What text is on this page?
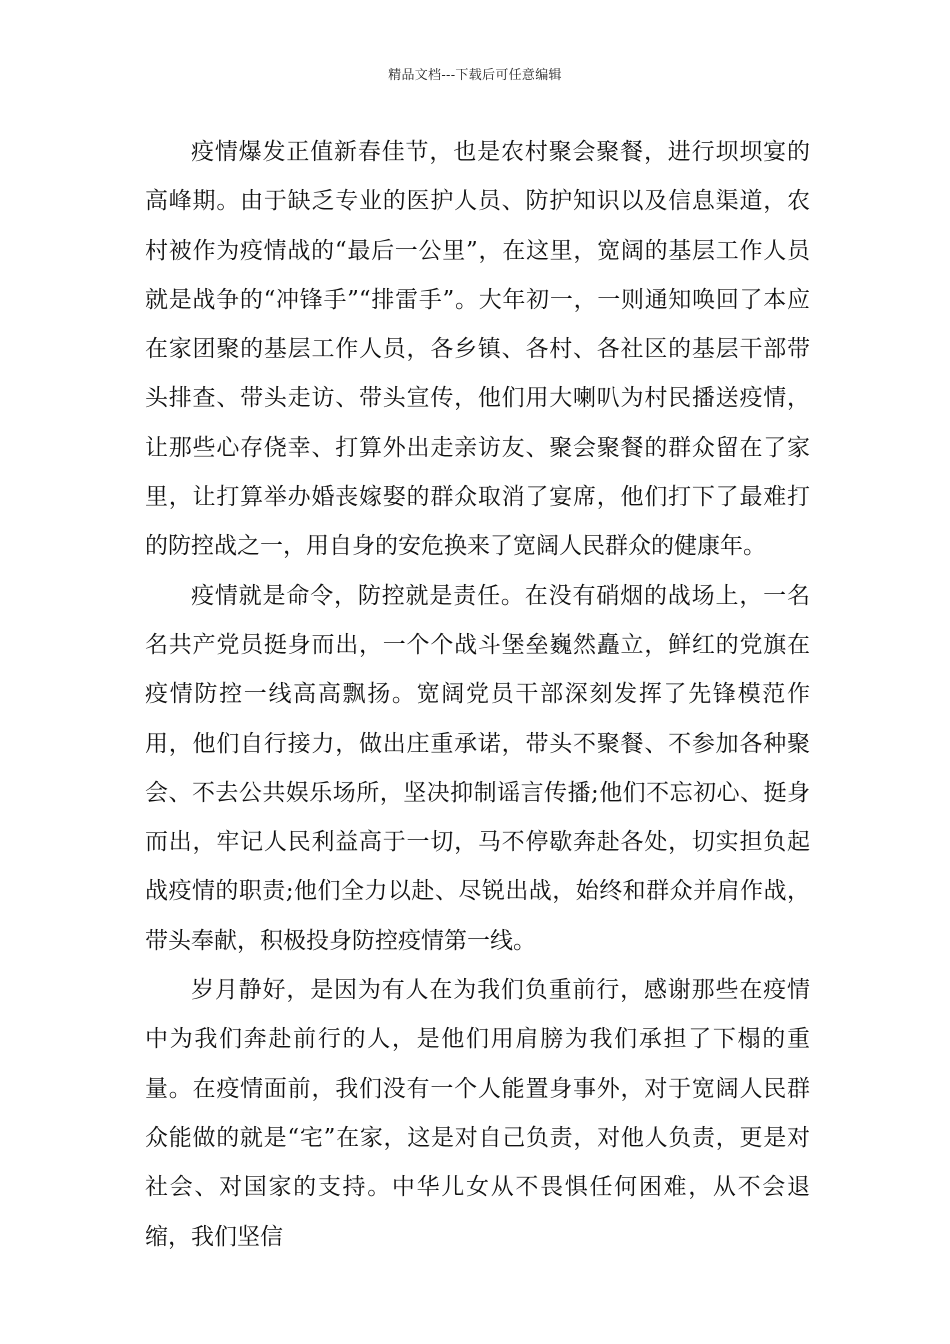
精品文档---下载后可任意编辑

疫情爆发正值新春佳节，也是农村聚会聚餐，进行坝坝宴的高峰期。由于缺乏专业的医护人员、防护知识以及信息渠道，农村被作为疫情战的“最后一公里”，在这里，宽阔的基层工作人员就是战争的“冲锋手”“排雷手”。大年初一，一则通知唤回了本应在家团聚的基层工作人员，各乡镇、各村、各社区的基层干部带头排查、带头走访、带头宣传，他们用大喇叭为村民播送疫情，让那些心存侥幸、打算外出走亲访友、聚会聚餐的群众留在了家里，让打算举办婚丧嫁娶的群众取消了宴席，他们打下了最难打的防控战之一，用自身的安危换来了宽阔人民群众的健康年。

疫情就是命令，防控就是责任。在没有硝烟的战场上，一名名共产党员挺身而出，一个个战斗堡垒巍然矗立，鲜红的党旗在疫情防控一线高高飘扬。宽阔党员干部深刻发挥了先锋模范作用，他们自行接力，做出庄重承诺，带头不聚餐、不参加各种聚会、不去公共娱乐场所，坚决抑制谣言传播;他们不忘初心、挺身而出，牢记人民利益高于一切，马不停歇奔赴各处，切实担负起战疫情的职责;他们全力以赴、尽锐出战，始终和群众并肩作战，带头奉献，积极投身防控疫情第一线。

岁月静好，是因为有人在为我们负重前行，感谢那些在疫情中为我们奔赴前行的人，是他们用肩膀为我们承担了下榻的重量。在疫情面前，我们没有一个人能置身事外，对于宽阔人民群众能做的就是“宅”在家，这是对自己负责，对他人负责，更是对社会、对国家的支持。中华儿女从不畏惧任何困难，从不会退缩，我们坚信
